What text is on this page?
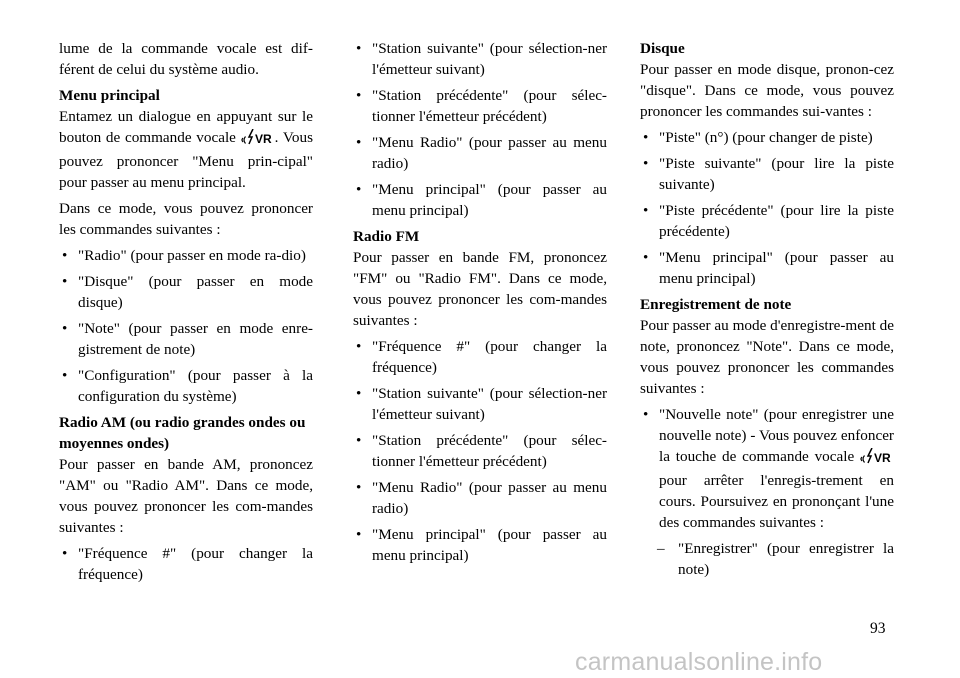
lume de la commande vocale est dif-férent de celui du système audio.

Menu principal

Entamez un dialogue en appuyant sur le bouton de commande vocale VR . Vous pouvez prononcer "Menu prin-cipal" pour passer au menu principal.

Dans ce mode, vous pouvez prononcer les commandes suivantes :

• "Radio" (pour passer en mode ra-dio)
• "Disque" (pour passer en mode disque)
• "Note" (pour passer en mode enre-gistrement de note)
• "Configuration" (pour passer à la configuration du système)

Radio AM (ou radio grandes ondes ou moyennes ondes)

Pour passer en bande AM, prononcez "AM" ou "Radio AM". Dans ce mode, vous pouvez prononcer les com-mandes suivantes :

• "Fréquence #" (pour changer la fréquence)
• "Station suivante" (pour sélection-ner l'émetteur suivant)
• "Station précédente" (pour sélec-tionner l'émetteur précédent)
• "Menu Radio" (pour passer au menu radio)
• "Menu principal" (pour passer au menu principal)

Radio FM

Pour passer en bande FM, prononcez "FM" ou "Radio FM". Dans ce mode, vous pouvez prononcer les com-mandes suivantes :

• "Fréquence #" (pour changer la fréquence)
• "Station suivante" (pour sélection-ner l'émetteur suivant)
• "Station précédente" (pour sélec-tionner l'émetteur précédent)
• "Menu Radio" (pour passer au menu radio)
• "Menu principal" (pour passer au menu principal)

Disque

Pour passer en mode disque, pronon-cez "disque". Dans ce mode, vous pouvez prononcer les commandes sui-vantes :

• "Piste" (n°) (pour changer de piste)
• "Piste suivante" (pour lire la piste suivante)
• "Piste précédente" (pour lire la piste précédente)
• "Menu principal" (pour passer au menu principal)

Enregistrement de note

Pour passer au mode d'enregistre-ment de note, prononcez "Note". Dans ce mode, vous pouvez prononcer les commandes suivantes :

• "Nouvelle note" (pour enregistrer une nouvelle note) - Vous pouvez enfoncer la touche de commande vocale VR
pour arrêter l'enregis-trement en cours. Poursuivez en prononçant l'une des commandes suivantes :
– "Enregistrer" (pour enregistrer la note)
93
carmanualsonline.info
